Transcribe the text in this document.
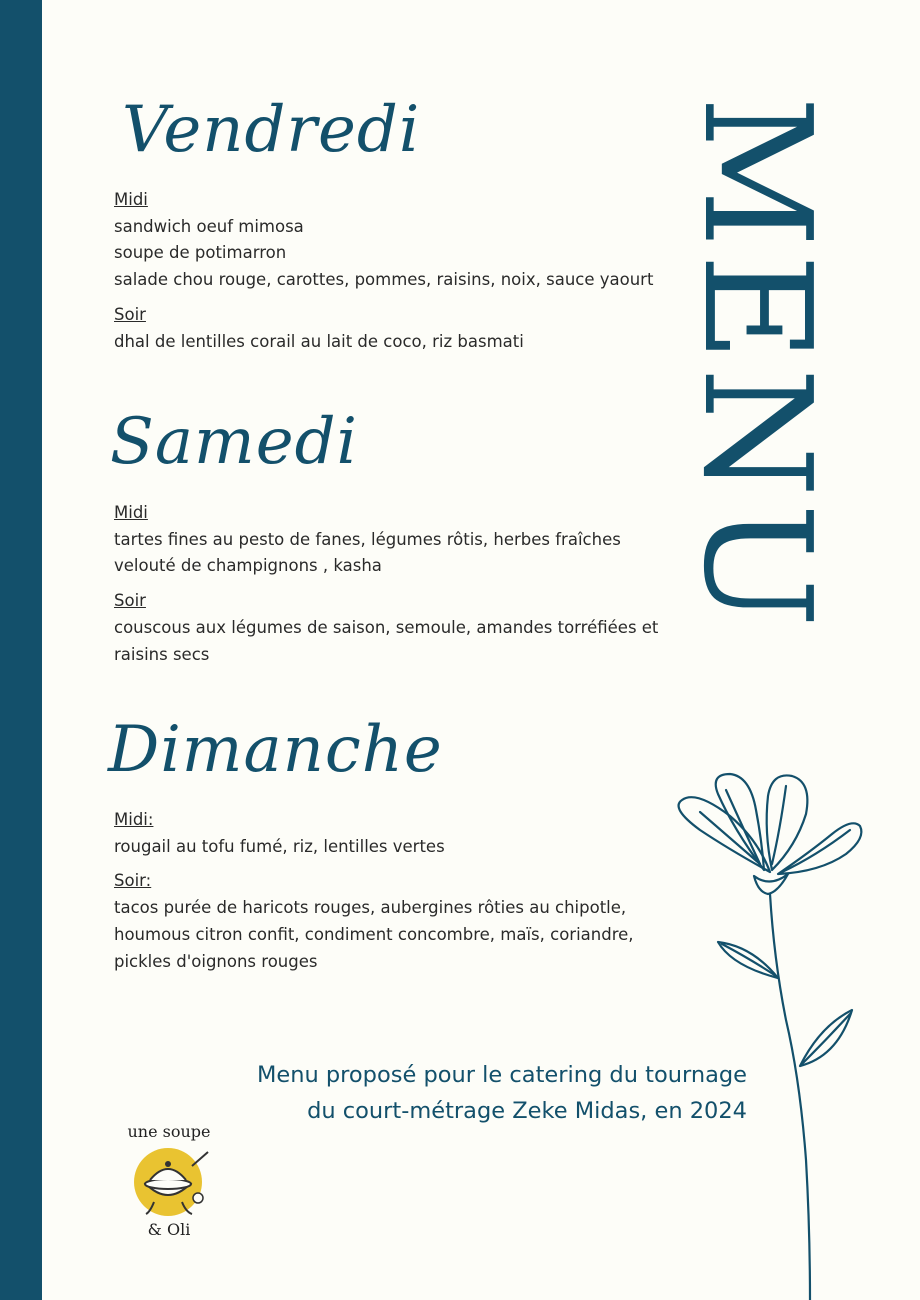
Vendredi
Midi
sandwich oeuf mimosa
soupe de potimarron
salade chou rouge, carottes, pommes, raisins, noix, sauce yaourt
Soir
dhal de lentilles corail au lait de coco, riz basmati
Samedi
Midi
tartes fines au pesto de fanes, légumes rôtis, herbes fraîches
velouté de champignons , kasha
Soir
couscous aux légumes de saison, semoule, amandes torréfiées et
raisins secs
Dimanche
Midi:
rougail au tofu fumé, riz, lentilles vertes
Soir:
tacos purée de haricots rouges, aubergines rôties au chipotle,
houmous citron confit, condiment concombre, maïs, coriandre,
pickles d'oignons rouges
MENU
Menu proposé pour le catering du tournage
du court-métrage Zeke Midas, en 2024
une soupe
& Oli
